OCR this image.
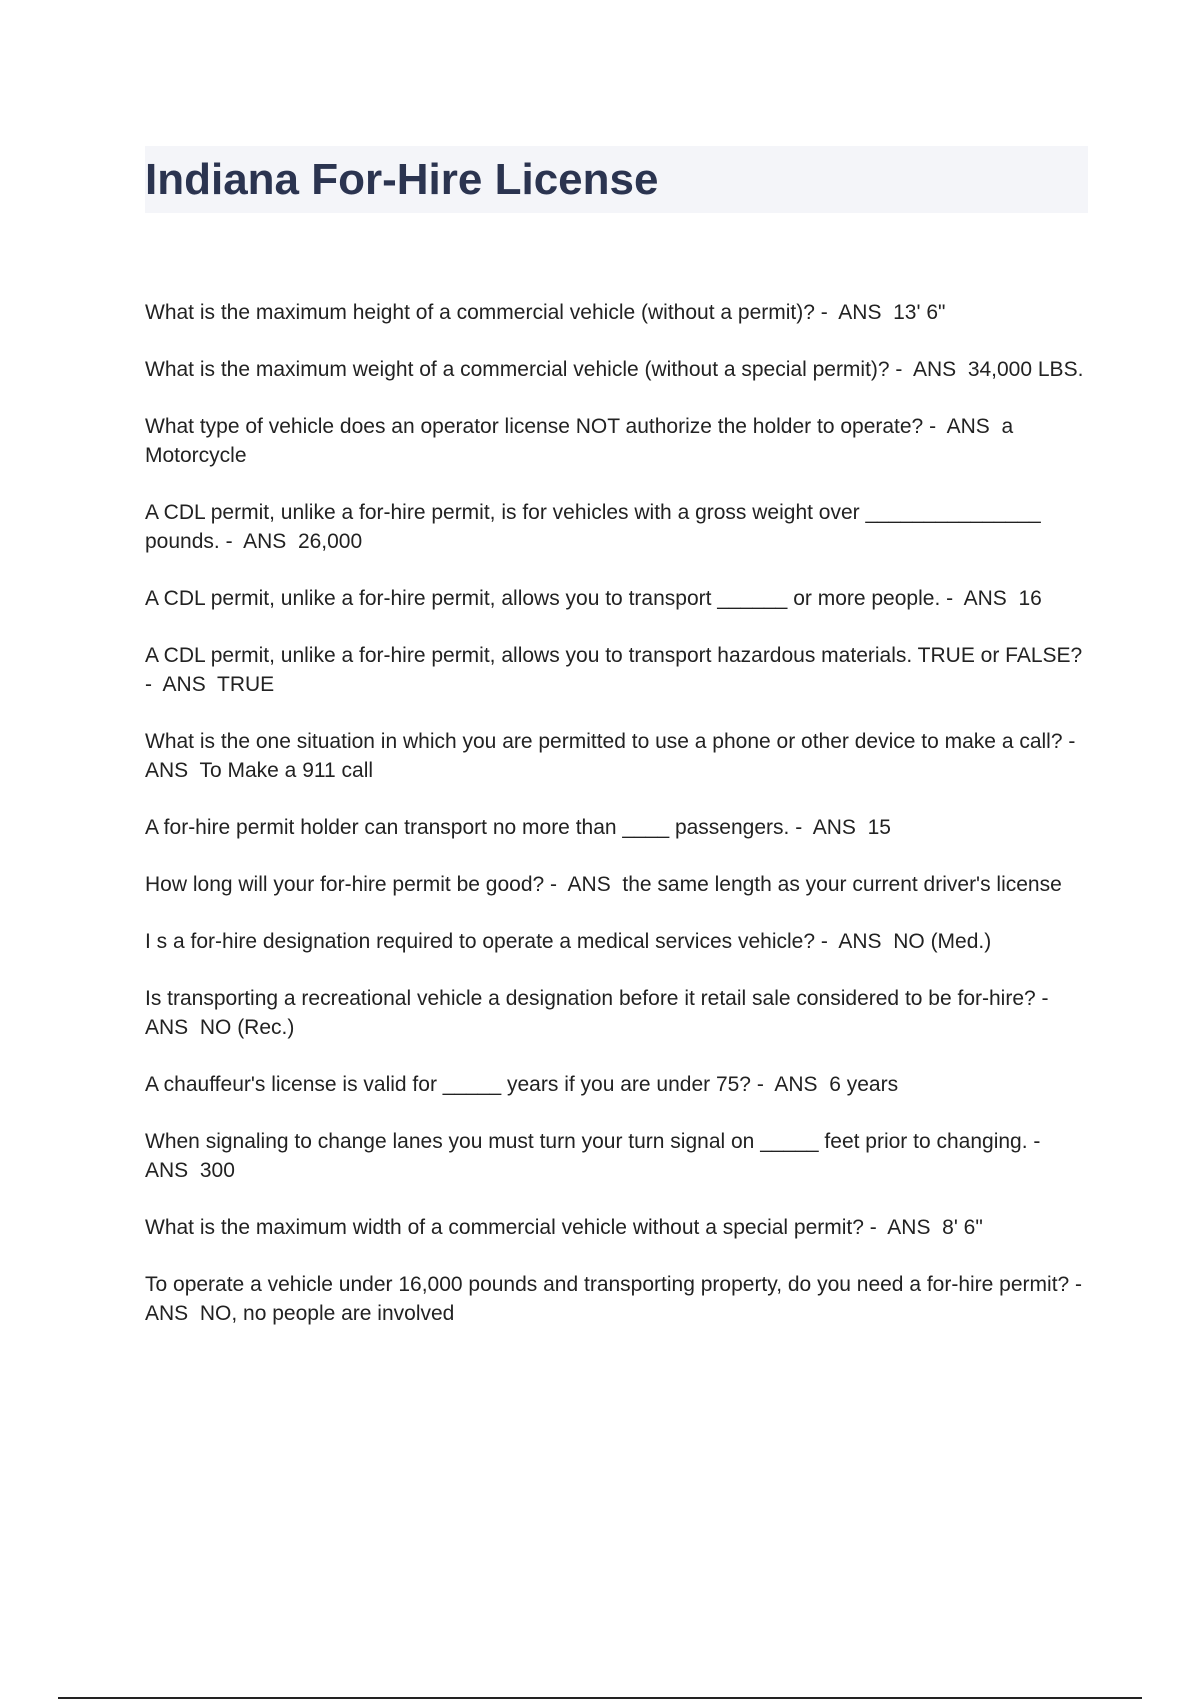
Indiana For-Hire License

What is the maximum height of a commercial vehicle (without a permit)? - ANS 13' 6"

What is the maximum weight of a commercial vehicle (without a special permit)? - ANS 34,000 LBS.

What type of vehicle does an operator license NOT authorize the holder to operate? - ANS a Motorcycle

A CDL permit, unlike a for-hire permit, is for vehicles with a gross weight over _______________ pounds. - ANS 26,000

A CDL permit, unlike a for-hire permit, allows you to transport ______ or more people. - ANS 16

A CDL permit, unlike a for-hire permit, allows you to transport hazardous materials. TRUE or FALSE? - ANS TRUE

What is the one situation in which you are permitted to use a phone or other device to make a call? -  ANS To Make a 911 call

A for-hire permit holder can transport no more than ____ passengers. - ANS 15

How long will your for-hire permit be good? - ANS the same length as your current driver's license

I s a for-hire designation required to operate a medical services vehicle? - ANS NO (Med.)

Is transporting a recreational vehicle a designation before it retail sale considered to be for-hire? -  ANS NO (Rec.)

A chauffeur's license is valid for _____ years if you are under 75? - ANS 6 years

When signaling to change lanes you must turn your turn signal on _____ feet prior to changing. -  ANS 300

What is the maximum width of a commercial vehicle without a special permit? - ANS 8' 6"

To operate a vehicle under 16,000 pounds and transporting property, do you need a for-hire permit? -  ANS NO, no people are involved
